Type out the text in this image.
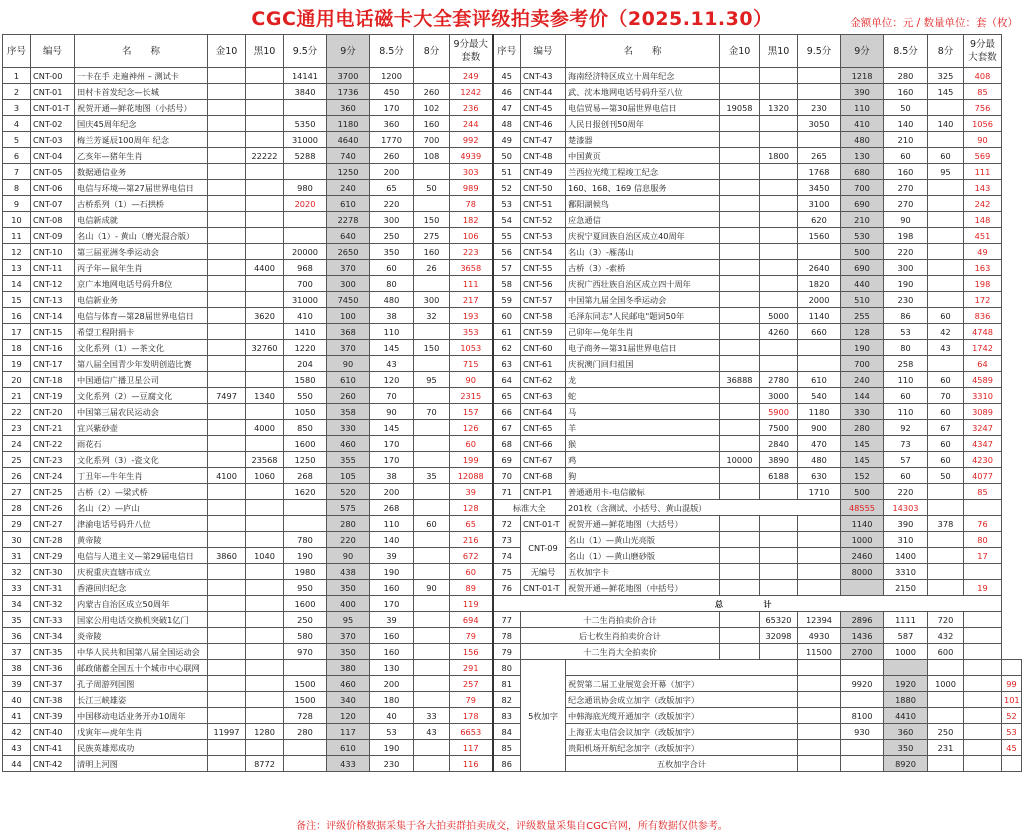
CGC通用电话磁卡大全套评级拍卖参考价（2025.11.30）	金额单位：元 / 数量单位：套（枚）
序号	编号	名　　称	金10	黑10	9.5分	9分	8.5分	8分	9分最大套数	序号	编号	名　　称	金10	黑10	9.5分	9分	8.5分	8分	9分最大套数	
1	CNT-00	一卡在手 走遍神州 – 测试卡			14141	3700	1200		249	45	CNT-43	海南经济特区成立十周年纪念				1218	280	325	408	
2	CNT-01	田村卡首发纪念—长城			3840	1736	450	260	1242	46	CNT-44	武、沈本地网电话号码升至八位				390	160	145	85	
3	CNT-01-T	祝贺开通—鲜花地图（小括号）				360	170	102	236	47	CNT-45	电信贸易—第30届世界电信日	19058	1320	230	110	50		756	
4	CNT-02	国庆45周年纪念			5350	1180	360	160	244	48	CNT-46	人民日报创刊50周年			3050	410	140	140	1056	
5	CNT-03	梅兰芳诞辰100周年 纪念			31000	4640	1770	700	992	49	CNT-47	楚漆器				480	210		90	
6	CNT-04	乙亥年—猪年生肖		22222	5288	740	260	108	4939	50	CNT-48	中国黄页		1800	265	130	60	60	569	
7	CNT-05	数据通信业务				1250	200		303	51	CNT-49	兰西拉光缆工程竣工纪念			1768	680	160	95	111	
8	CNT-06	电信与环境—第27届世界电信日			980	240	65	50	989	52	CNT-50	160、168、169 信息服务			3450	700	270		143	
9	CNT-07	古桥系列（1）—石拱桥			2020	610	220		78	53	CNT-51	鄱阳湖候鸟			3100	690	270		242	
10	CNT-08	电信新成就				2278	300	150	182	54	CNT-52	应急通信			620	210	90		148	
11	CNT-09	名山（1）- 黄山（磨光混合版）				640	250	275	106	55	CNT-53	庆祝宁夏回族自治区成立40周年			1560	530	198		451	
12	CNT-10	第三届亚洲冬季运动会			20000	2650	350	160	223	56	CNT-54	名山（3）-雁荡山				500	220		49	
13	CNT-11	丙子年—鼠年生肖		4400	968	370	60	26	3658	57	CNT-55	古桥（3）-索桥			2640	690	300		163	
14	CNT-12	京广本地网电话号码升8位			700	300	80		111	58	CNT-56	庆祝广西壮族自治区成立四十周年			1820	440	190		198	
15	CNT-13	电信新业务			31000	7450	480	300	217	59	CNT-57	中国第九届全国冬季运动会			2000	510	230		172	
16	CNT-14	电信与体育—第28届世界电信日		3620	410	100	38	32	193	60	CNT-58	毛泽东同志"人民邮电"题词50年		5000	1140	255	86	60	836	
17	CNT-15	希望工程附捐卡			1410	368	110		353	61	CNT-59	己卯年—兔年生肖		4260	660	128	53	42	4748	
18	CNT-16	文化系列（1）—茶文化		32760	1220	370	145	150	1053	62	CNT-60	电子商务—第31届世界电信日				190	80	43	1742	
19	CNT-17	第八届全国青少年发明创造比赛			204	90	43		715	63	CNT-61	庆祝澳门回归祖国				700	258		64	
20	CNT-18	中国通信广播卫星公司			1580	610	120	95	90	64	CNT-62	龙	36888	2780	610	240	110	60	4589	
21	CNT-19	文化系列（2）—豆腐文化	7497	1340	550	260	70		2315	65	CNT-63	蛇		3000	540	144	60	70	3310	
22	CNT-20	中国第三届农民运动会			1050	358	90	70	157	66	CNT-64	马		5900	1180	330	110	60	3089	
23	CNT-21	宜兴紫砂壶		4000	850	330	145		126	67	CNT-65	羊		7500	900	280	92	67	3247	
24	CNT-22	雨花石			1600	460	170		60	68	CNT-66	猴		2840	470	145	73	60	4347	
25	CNT-23	文化系列（3）-瓷文化		23568	1250	355	170		199	69	CNT-67	鸡	10000	3890	480	145	57	60	4230	
26	CNT-24	丁丑年—牛年生肖	4100	1060	268	105	38	35	12088	70	CNT-68	狗		6188	630	152	60	50	4077	
27	CNT-25	古桥（2）—梁式桥			1620	520	200		39	71	CNT-P1	普通通用卡-电信徽标			1710	500	220		85	
28	CNT-26	名山（2）—庐山				575	268		128	标准大全		201枚（含测试、小括号、黄山混版）				48555	14303			
29	CNT-27	津渝电话号码升八位				280	110	60	65	72	CNT-01-T	祝贺开通—鲜花地图（大括号）				1140	390	378	76	
30	CNT-28	黄帝陵			780	220	140		216	73	CNT-09	名山（1）—黄山光亮版				1000	310		80	
31	CNT-29	电信与人道主义—第29届电信日	3860	1040	190	90	39		672	74		名山（1）—黄山磨砂版				2460	1400		17	
32	CNT-30	庆祝重庆直辖市成立			1980	438	190		60	75	无编号	五枚加字卡				8000	3310			
33	CNT-31	香港回归纪念			950	350	160	90	89	76	CNT-01-T	祝贺开通—鲜花地图（中括号）					2150		19	
34	CNT-32	内蒙古自治区成立50周年			1600	400	170		119	总　　计										
35	CNT-33	国家公用电话交换机突破1亿门			250	95	39		694	77	十二生肖拍卖价合计			65320	12394	2896	1111	720		
36	CNT-34	炎帝陵			580	370	160		79	78	后七枚生肖拍卖价合计			32098	4930	1436	587	432		
37	CNT-35	中华人民共和国第八届全国运动会			970	350	160		156	79	十二生肖大全拍卖价				11500	2700	1000	600		
38	CNT-36	邮政储蓄全国五十个城市中心联网				380	130		291	80	5枚加字									
39	CNT-37	孔子周游列国图			1500	460	200		257	81		祝贺第二届工业展览会开幕（加字）				9920	1920	1000		99
40	CNT-38	长江三峡雄姿			1500	340	180		79	82		纪念通讯协会成立加字（改版加字）					1880			101
41	CNT-39	中国移动电话业务开办10周年			728	120	40	33	178	83		中韩海底光缆开通加字（改版加字）				8100	4410			52
42	CNT-40	戊寅年—虎年生肖	11997	1280	280	117	53	43	6653	84		上海亚太电信会议加字（改版加字）				930	360	250		53
43	CNT-41	民族英雄郑成功				610	190		117	85		贵阳机场开航纪念加字（改版加字）					350	231		45
44	CNT-42	清明上河图		8772		433	230		116	86		五枚加字合计					8920			
备注：评级价格数据采集于各大拍卖群拍卖成交，评级数量采集自CGC官网，所有数据仅供参考。
